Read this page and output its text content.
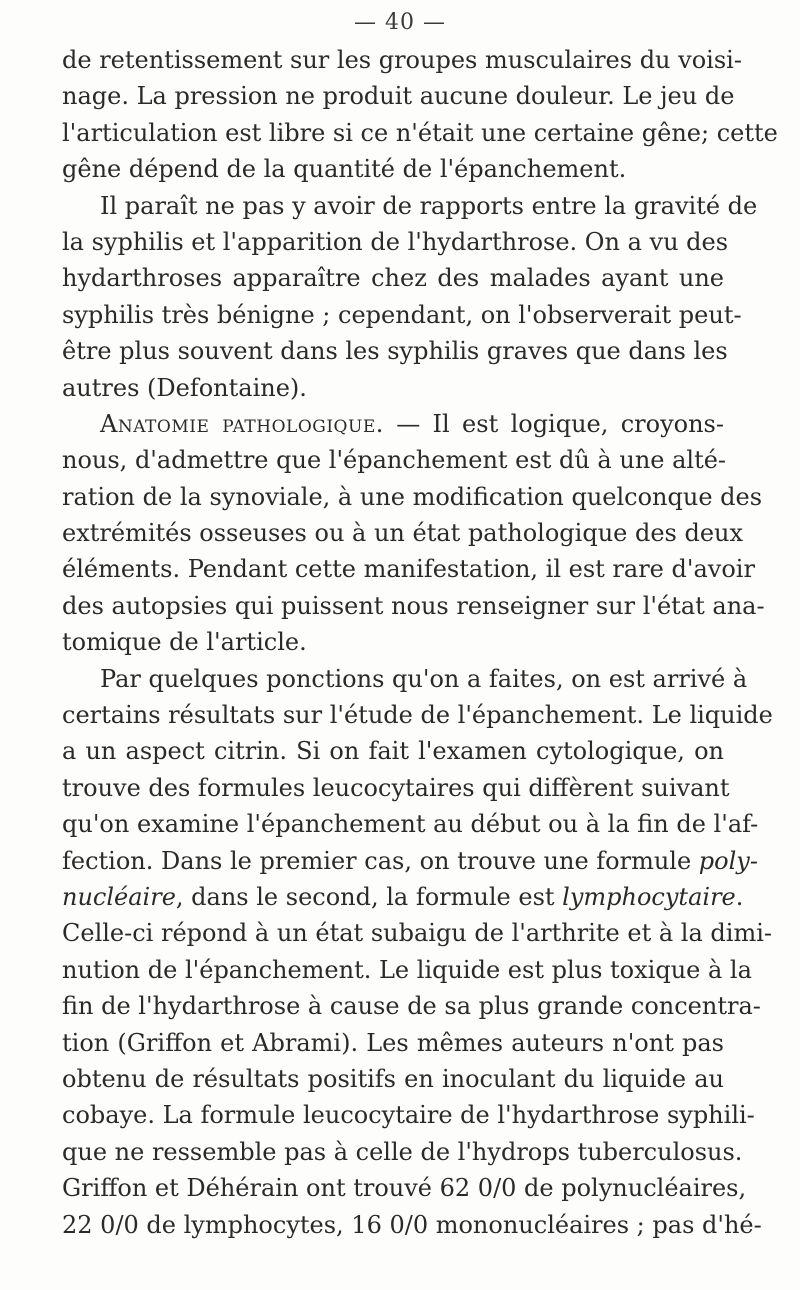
— 40 —
de retentissement sur les groupes musculaires du voisi-
nage. La pression ne produit aucune douleur. Le jeu de
l'articulation est libre si ce n'était une certaine gêne; cette
gêne dépend de la quantité de l'épanchement.
Il paraît ne pas y avoir de rapports entre la gravité de
la syphilis et l'apparition de l'hydarthrose. On a vu des
hydarthroses apparaître chez des malades ayant une
syphilis très bénigne ; cependant, on l'observerait peut-
être plus souvent dans les syphilis graves que dans les
autres (Defontaine).
Anatomie pathologique. — Il est logique, croyons-
nous, d'admettre que l'épanchement est dû à une alté-
ration de la synoviale, à une modification quelconque des
extrémités osseuses ou à un état pathologique des deux
éléments. Pendant cette manifestation, il est rare d'avoir
des autopsies qui puissent nous renseigner sur l'état ana-
tomique de l'article.
Par quelques ponctions qu'on a faites, on est arrivé à
certains résultats sur l'étude de l'épanchement. Le liquide
a un aspect citrin. Si on fait l'examen cytologique, on
trouve des formules leucocytaires qui diffèrent suivant
qu'on examine l'épanchement au début ou à la fin de l'af-
fection. Dans le premier cas, on trouve une formule poly-
nucléaire, dans le second, la formule est lymphocytaire.
Celle-ci répond à un état subaigu de l'arthrite et à la dimi-
nution de l'épanchement. Le liquide est plus toxique à la
fin de l'hydarthrose à cause de sa plus grande concentra-
tion (Griffon et Abrami). Les mêmes auteurs n'ont pas
obtenu de résultats positifs en inoculant du liquide au
cobaye. La formule leucocytaire de l'hydarthrose syphili-
que ne ressemble pas à celle de l'hydrops tuberculosus.
Griffon et Déhérain ont trouvé 62 0/0 de polynucléaires,
22 0/0 de lymphocytes, 16 0/0 mononucléaires ; pas d'hé-
